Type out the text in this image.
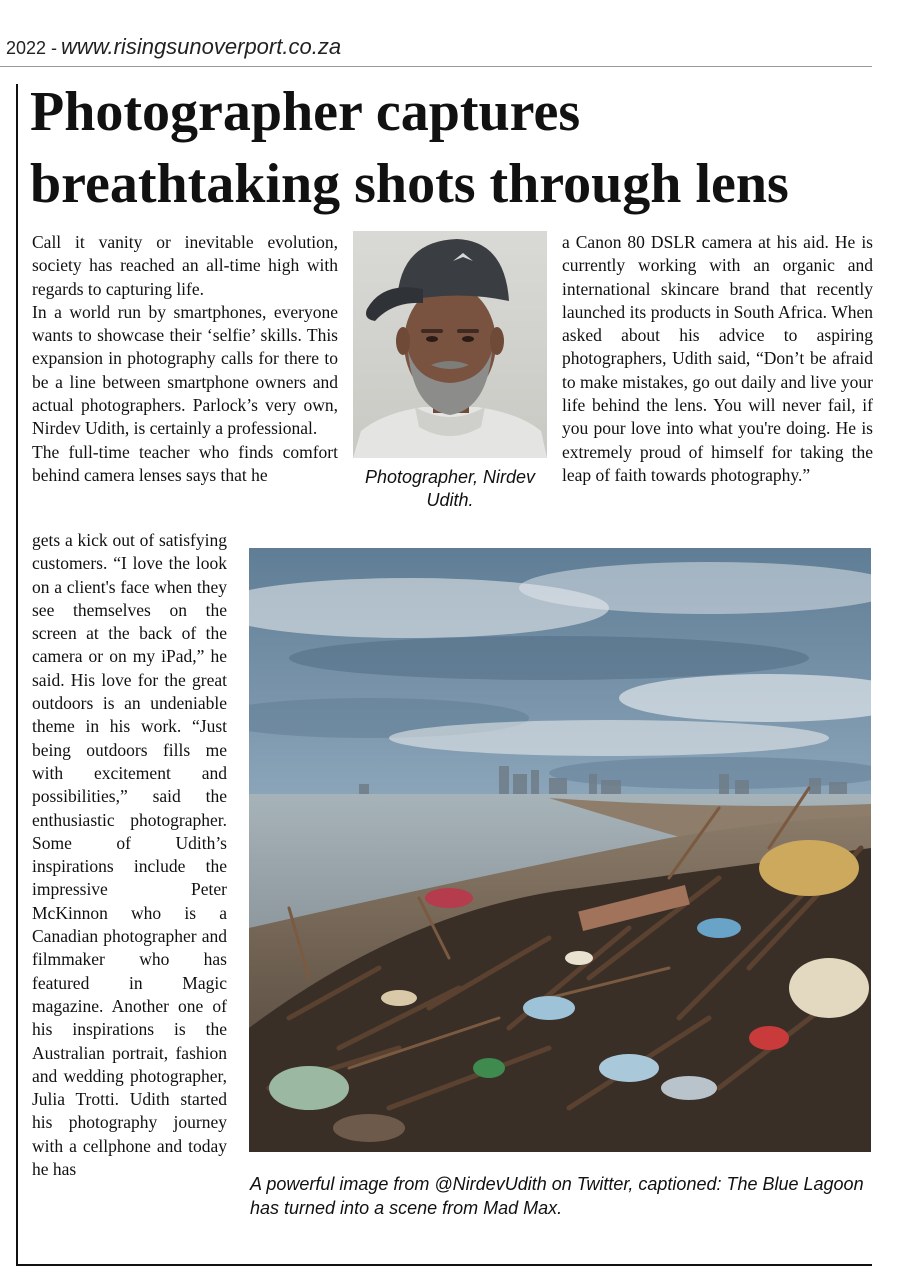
2022 - www.risingsunoverport.co.za
Photographer captures breathtaking shots through lens

Call it vanity or inevitable evolution, society has reached an all-time high with regards to capturing life.

In a world run by smartphones, everyone wants to showcase their ‘selfie’ skills. This expansion in photography calls for there to be a line between smartphone owners and actual photographers. Parlock’s very own, Nirdev Udith, is certainly a professional.

The full-time teacher who finds comfort behind camera lenses says that he

gets a kick out of satisfying customers. “I love the look on a client's face when they see themselves on the screen at the back of the camera or on my iPad,” he said. His love for the great outdoors is an undeniable theme in his work. “Just being outdoors fills me with excitement and possibilities,” said the enthusiastic photographer. Some of Udith’s inspirations include the impressive Peter McKinnon who is a Canadian photographer and filmmaker who has featured in Magic magazine. Another one of his inspirations is the Australian portrait, fashion and wedding photographer, Julia Trotti. Udith started his photography journey with a cellphone and today he has

Photographer, Nirdev Udith.

a Canon 80 DSLR camera at his aid. He is currently working with an organic and international skincare brand that recently launched its products in South Africa. When asked about his advice to aspiring photographers, Udith said, “Don’t be afraid to make mistakes, go out daily and live your life behind the lens. You will never fail, if you pour love into what you're doing. He is extremely proud of himself for taking the leap of faith towards photography.”

A powerful image from @NirdevUdith on Twitter, captioned: The Blue Lagoon has turned into a scene from Mad Max.
